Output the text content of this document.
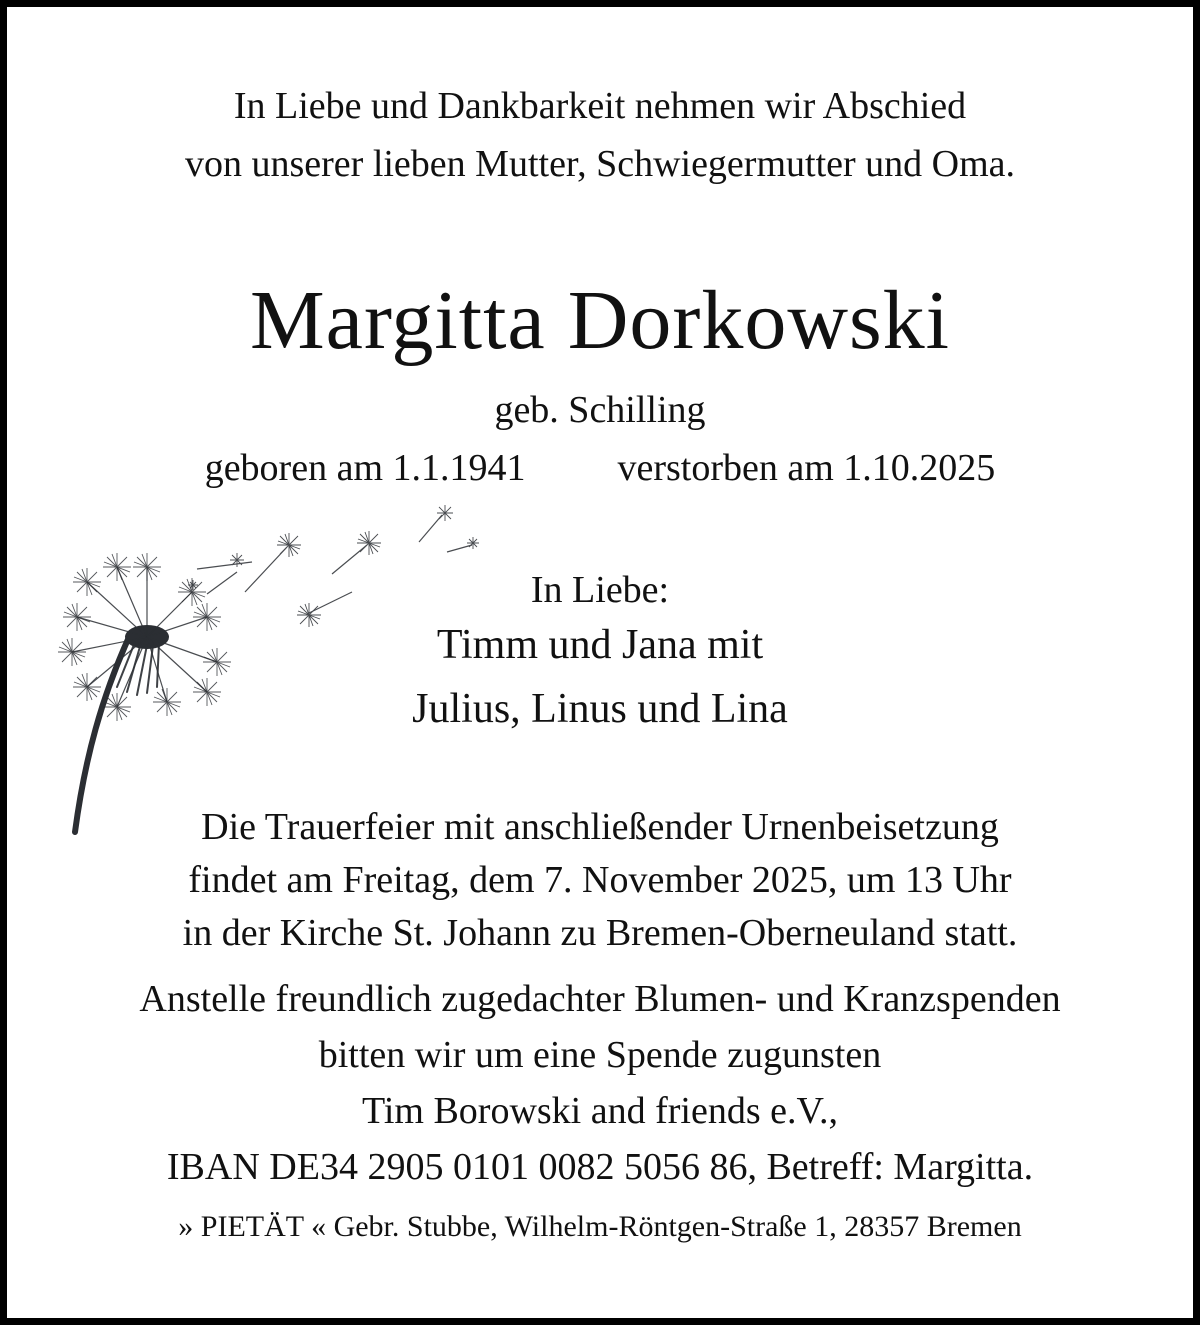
In Liebe und Dankbarkeit nehmen wir Abschied
von unserer lieben Mutter, Schwiegermutter und Oma.
Margitta Dorkowski
geb. Schilling
geboren am 1.1.1941 verstorben am 1.10.2025
In Liebe:
Timm und Jana mit
Julius, Linus und Lina
Die Trauerfeier mit anschließender Urnenbeisetzung
findet am Freitag, dem 7. November 2025, um 13 Uhr
in der Kirche St. Johann zu Bremen-Oberneuland statt.
Anstelle freundlich zugedachter Blumen- und Kranzspenden
bitten wir um eine Spende zugunsten
Tim Borowski and friends e.V.,
IBAN DE34 2905 0101 0082 5056 86, Betreff: Margitta.
» PIETÄT « Gebr. Stubbe, Wilhelm-Röntgen-Straße 1, 28357 Bremen
